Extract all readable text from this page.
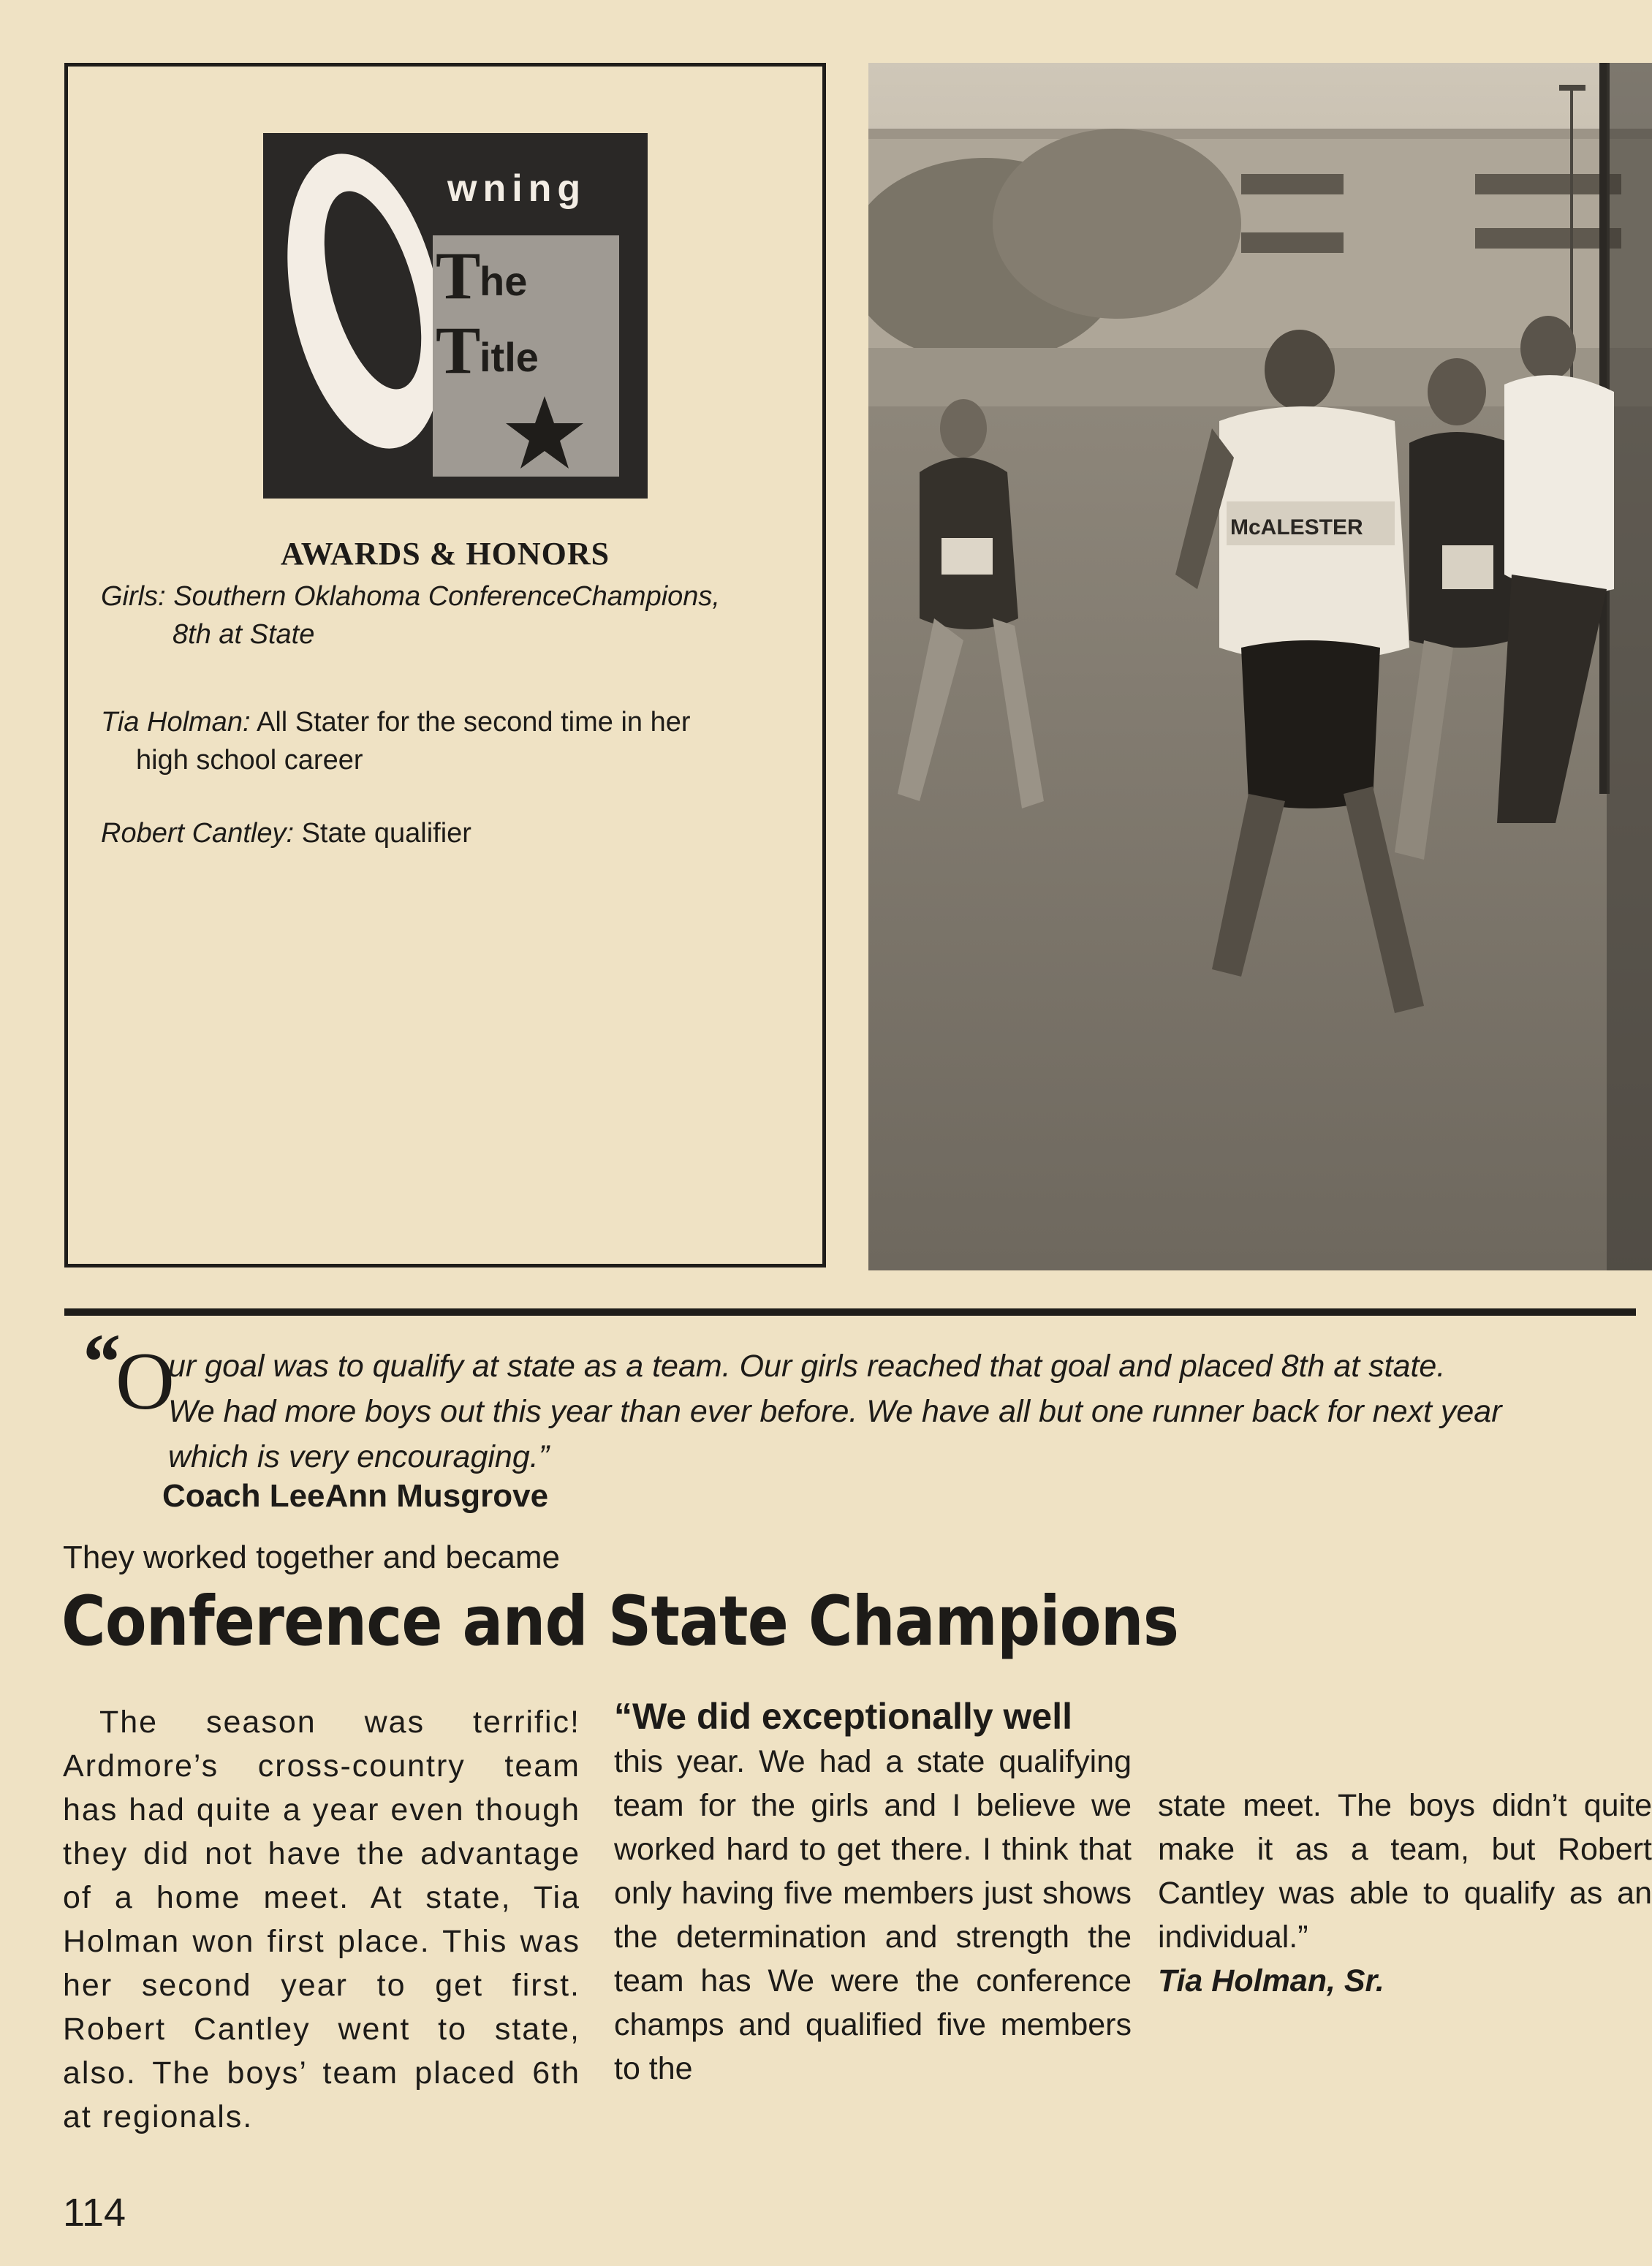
wning
T
he
T
itle
AWARDS & HONORS
Girls: Southern Oklahoma ConferenceChampions,
8th at State
Tia Holman: All Stater for the second time in her
high school career
Robert Cantley: State qualifier
McALESTER
“
O
ur goal was to qualify at state as a team. Our girls reached that goal and placed 8th at state.
We had more boys out this year than ever before. We have all but one runner back for next year
which is very encouraging.”
Coach LeeAnn Musgrove
They worked together and became
Conference and State Champions
The season was terrific! Ardmore’s cross-country team has had quite a year even though they did not have the advantage of a home meet. At state, Tia Holman won first place. This was her second year to get first. Robert Cantley went to state, also. The boys’ team placed 6th at regionals.
“We did exceptionally well
this year. We had a state qualifying team for the girls and I believe we worked hard to get there. I think that only having five members just shows the determination and strength the team has We were the conference champs and qualified five members to the
state meet. The boys didn’t quite make it as a team, but Robert Cantley was able to qualify as an individual.”
Tia Holman, Sr.
114
